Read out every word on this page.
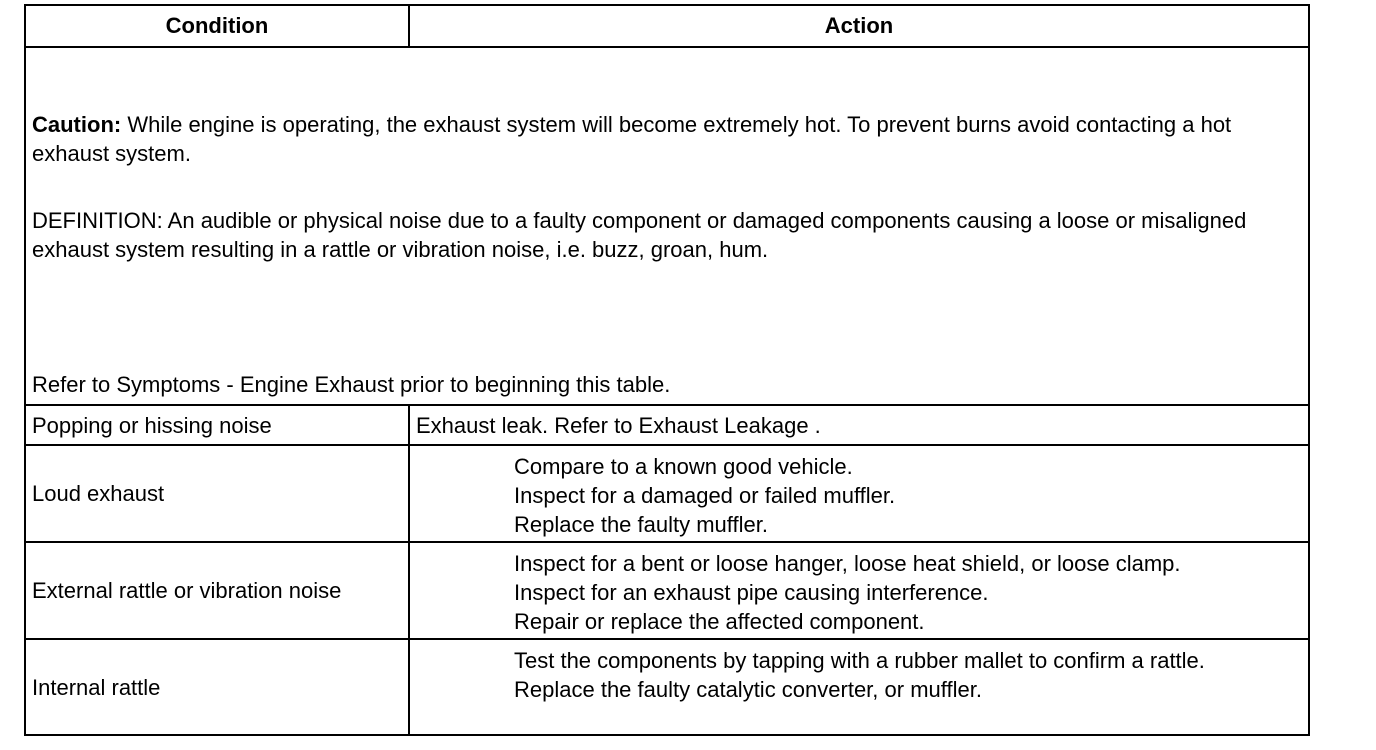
Condition	Action

Caution: While engine is operating, the exhaust system will become extremely hot. To prevent burns avoid contacting a hot exhaust system.

DEFINITION: An audible or physical noise due to a faulty component or damaged components causing a loose or misaligned exhaust system resulting in a rattle or vibration noise, i.e. buzz, groan, hum.

Refer to Symptoms - Engine Exhaust prior to beginning this table.

Popping or hissing noise	Exhaust leak. Refer to Exhaust Leakage .
Loud exhaust
Compare to a known good vehicle.
Inspect for a damaged or failed muffler.
Replace the faulty muffler.
External rattle or vibration noise
Inspect for a bent or loose hanger, loose heat shield, or loose clamp.
Inspect for an exhaust pipe causing interference.
Repair or replace the affected component.
Internal rattle
Test the components by tapping with a rubber mallet to confirm a rattle.
Replace the faulty catalytic converter, or muffler.
